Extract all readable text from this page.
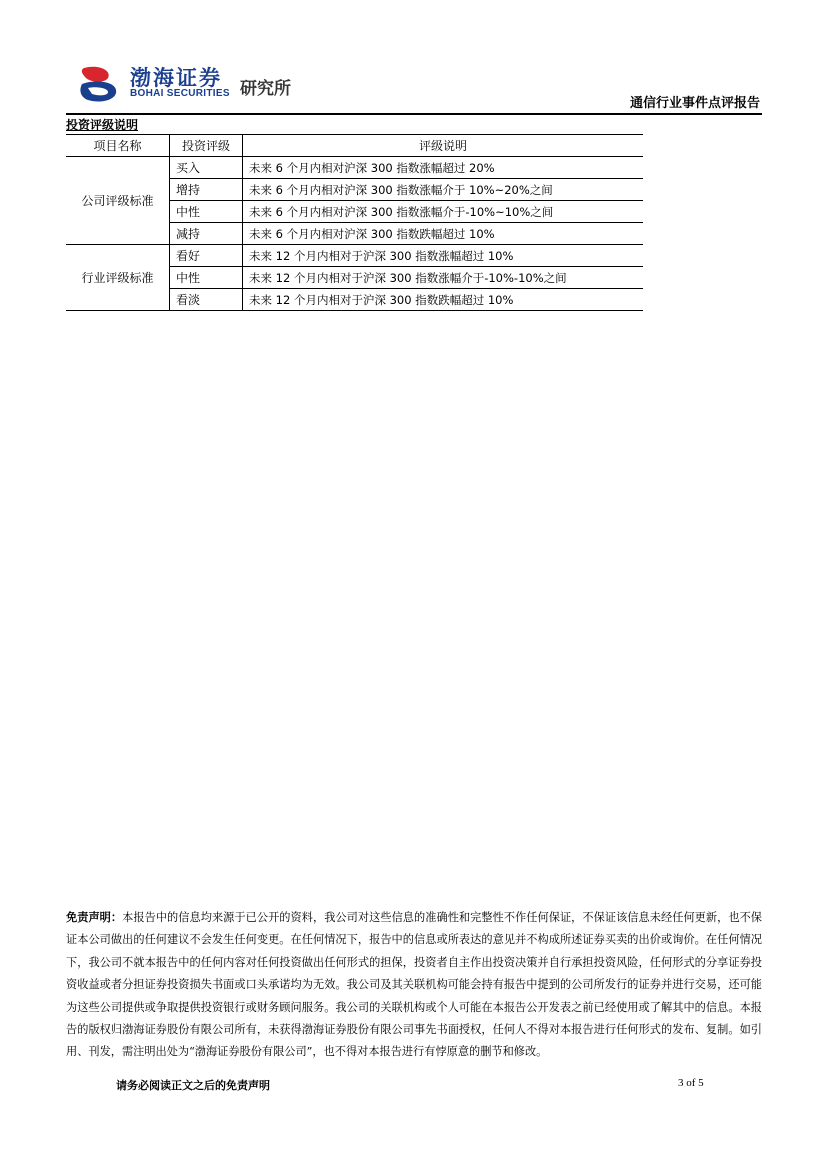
渤海证券
BOHAI SECURITIES 研究所
通信行业事件点评报告
投资评级说明
项目名称	投资评级	评级说明
公司评级标准	买入	未来 6 个月内相对沪深 300 指数涨幅超过 20%
	增持	未来 6 个月内相对沪深 300 指数涨幅介于 10%~20%之间
	中性	未来 6 个月内相对沪深 300 指数涨幅介于-10%~10%之间
	减持	未来 6 个月内相对沪深 300 指数跌幅超过 10%
行业评级标准	看好	未来 12 个月内相对于沪深 300 指数涨幅超过 10%
	中性	未来 12 个月内相对于沪深 300 指数涨幅介于-10%-10%之间
	看淡	未来 12 个月内相对于沪深 300 指数跌幅超过 10%
免责声明：本报告中的信息均来源于已公开的资料，我公司对这些信息的准确性和完整性不作任何保证，不保证该信息未经任何更新，也不保证本公司做出的任何建议不会发生任何变更。在任何情况下，报告中的信息或所表达的意见并不构成所述证券买卖的出价或询价。在任何情况下，我公司不就本报告中的任何内容对任何投资做出任何形式的担保，投资者自主作出投资决策并自行承担投资风险，任何形式的分享证券投资收益或者分担证券投资损失书面或口头承诺均为无效。我公司及其关联机构可能会持有报告中提到的公司所发行的证券并进行交易，还可能为这些公司提供或争取提供投资银行或财务顾问服务。我公司的关联机构或个人可能在本报告公开发表之前已经使用或了解其中的信息。本报告的版权归渤海证券股份有限公司所有，未获得渤海证券股份有限公司事先书面授权，任何人不得对本报告进行任何形式的发布、复制。如引用、刊发，需注明出处为“渤海证券股份有限公司”，也不得对本报告进行有悖原意的删节和修改。
请务必阅读正文之后的免责声明	3 of 5
